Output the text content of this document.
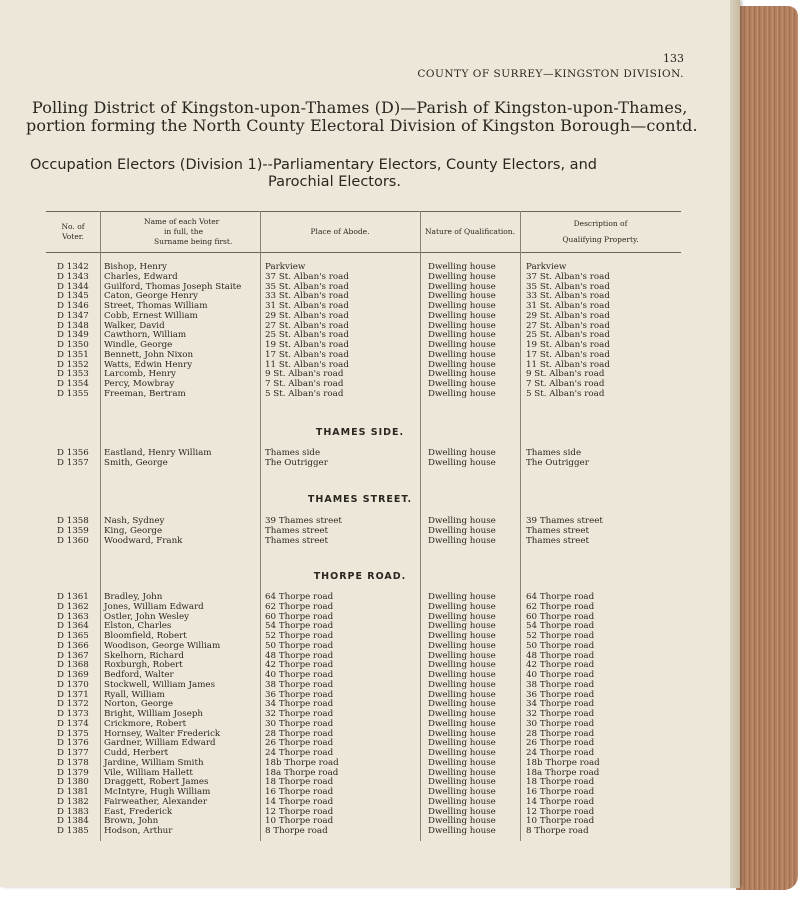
133
COUNTY OF SURREY—KINGSTON DIVISION.
Polling District of Kingston-upon-Thames (D)—Parish of Kingston-upon-Thames,
portion forming the North County Electoral Division of Kingston Borough—contd.
Occupation Electors (Division 1)--Parliamentary Electors, County Electors, and
Parochial Electors.
No. of
Voter.
Name of each Voter
in full, the
Surname being first.
Place of Abode.	Nature of Qualification.
Description of
Qualifying Property.
D 1342 Bishop, Henry	Parkview	Dwelling house	Parkview
D 1343 Charles, Edward	37 St. Alban's road	Dwelling house	37 St. Alban's road
D 1344 Guilford, Thomas Joseph Staite	35 St. Alban's road	Dwelling house	35 St. Alban's road
D 1345 Caton, George Henry	33 St. Alban's road	Dwelling house	33 St. Alban's road
D 1346 Street, Thomas William	31 St. Alban's road	Dwelling house	31 St. Alban's road
D 1347 Cobb, Ernest William	29 St. Alban's road	Dwelling house	29 St. Alban's road
D 1348 Walker, David	27 St. Alban's road	Dwelling house	27 St. Alban's road
D 1349 Cawthorn, William	25 St. Alban's road	Dwelling house	25 St. Alban's road
D 1350 Windle, George	19 St. Alban's road	Dwelling house	19 St. Alban's road
D 1351 Bennett, John Nixon	17 St. Alban's road	Dwelling house	17 St. Alban's road
D 1352 Watts, Edwin Henry	11 St. Alban's road	Dwelling house	11 St. Alban's road
D 1353 Larcomb, Henry	9 St. Alban's road	Dwelling house	9 St. Alban's road
D 1354 Percy, Mowbray	7 St. Alban's road	Dwelling house	7 St. Alban's road
D 1355 Freeman, Bertram	5 St. Alban's road	Dwelling house	5 St. Alban's road
THAMES SIDE.
D 1356 Eastland, Henry William	Thames side	Dwelling house	Thames side
D 1357 Smith, George	The Outrigger	Dwelling house	The Outrigger
THAMES STREET.
D 1358 Nash, Sydney	39 Thames street	Dwelling house	39 Thames street
D 1359 King, George	Thames street	Dwelling house	Thames street
D 1360 Woodward, Frank	Thames street	Dwelling house	Thames street
THORPE ROAD.
D 1361 Bradley, John	64 Thorpe road	Dwelling house	64 Thorpe road
D 1362 Jones, William Edward	62 Thorpe road	Dwelling house	62 Thorpe road
D 1363 Ostler, John Wesley	60 Thorpe road	Dwelling house	60 Thorpe road
D 1364 Elston, Charles	54 Thorpe road	Dwelling house	54 Thorpe road
D 1365 Bloomfield, Robert	52 Thorpe road	Dwelling house	52 Thorpe road
D 1366 Woodison, George William	50 Thorpe road	Dwelling house	50 Thorpe road
D 1367 Skelhorn, Richard	48 Thorpe road	Dwelling house	48 Thorpe road
D 1368 Roxburgh, Robert	42 Thorpe road	Dwelling house	42 Thorpe road
D 1369 Bedford, Walter	40 Thorpe road	Dwelling house	40 Thorpe road
D 1370 Stockwell, William James	38 Thorpe road	Dwelling house	38 Thorpe road
D 1371 Ryall, William	36 Thorpe road	Dwelling house	36 Thorpe road
D 1372 Norton, George	34 Thorpe road	Dwelling house	34 Thorpe road
D 1373 Bright, William Joseph	32 Thorpe road	Dwelling house	32 Thorpe road
D 1374 Crickmore, Robert	30 Thorpe road	Dwelling house	30 Thorpe road
D 1375 Hornsey, Walter Frederick	28 Thorpe road	Dwelling house	28 Thorpe road
D 1376 Gardner, William Edward	26 Thorpe road	Dwelling house	26 Thorpe road
D 1377 Cudd, Herbert	24 Thorpe road	Dwelling house	24 Thorpe road
D 1378 Jardine, William Smith	18b Thorpe road	Dwelling house	18b Thorpe road
D 1379 Vile, William Hallett	18a Thorpe road	Dwelling house	18a Thorpe road
D 1380 Draggett, Robert James	18 Thorpe road	Dwelling house	18 Thorpe road
D 1381 McIntyre, Hugh William	16 Thorpe road	Dwelling house	16 Thorpe road
D 1382 Fairweather, Alexander	14 Thorpe road	Dwelling house	14 Thorpe road
D 1383 East, Frederick	12 Thorpe road	Dwelling house	12 Thorpe road
D 1384 Brown, John	10 Thorpe road	Dwelling house	10 Thorpe road
D 1385 Hodson, Arthur	8 Thorpe road	Dwelling house	8 Thorpe road
